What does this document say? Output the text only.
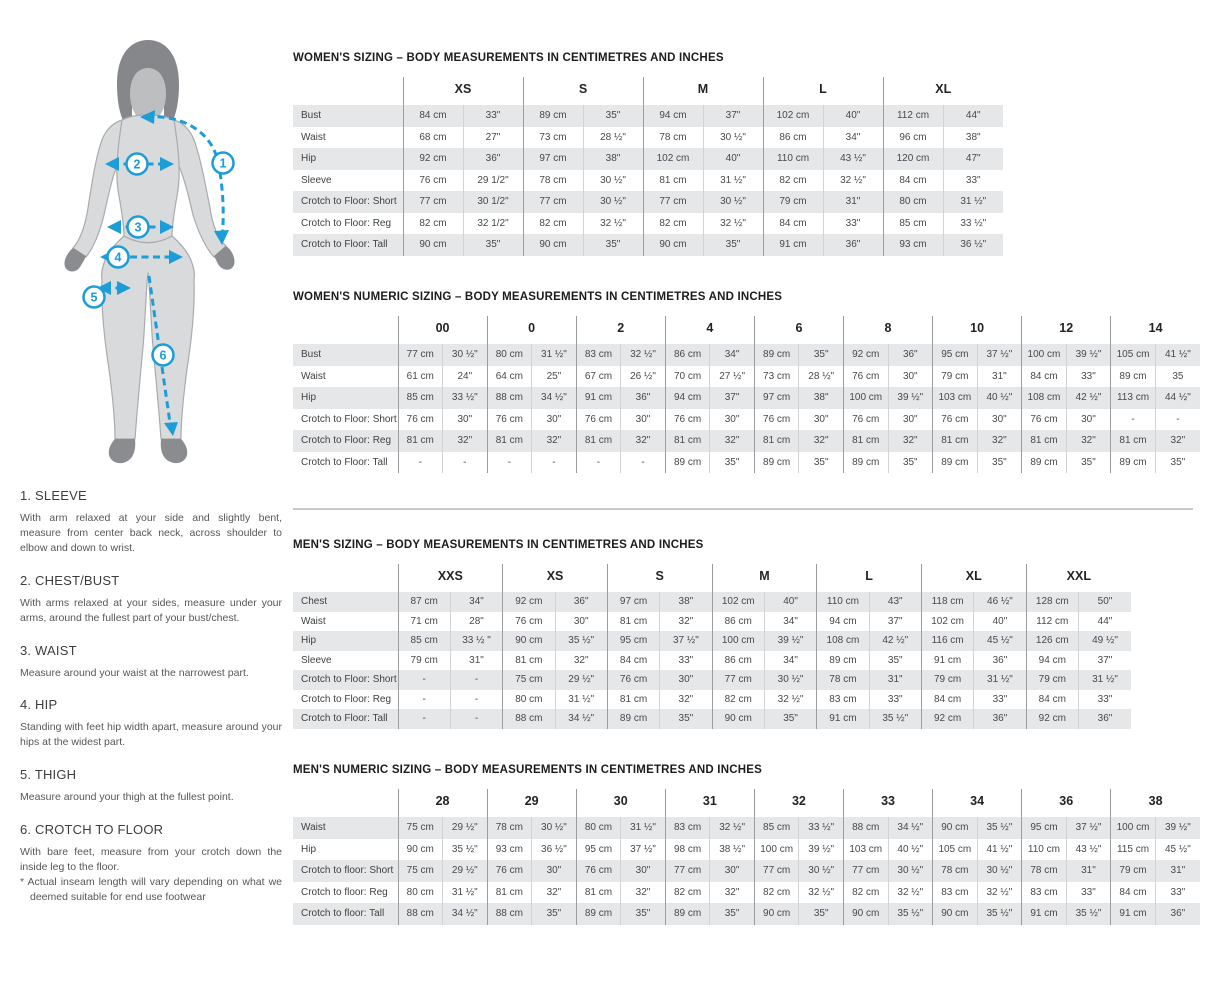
1
2
3
4
5
6
1. SLEEVE

With arm relaxed at your side and slightly bent, measure from center back neck, across shoulder to elbow and down to wrist.

2. CHEST/BUST

With arms relaxed at your sides, measure under your arms, around the fullest part of your bust/chest.

3. WAIST

Measure around your waist at the narrowest part.

4. HIP

Standing with feet hip width apart, measure around your hips at the widest part.

5. THIGH

Measure around your thigh at the fullest point.

6. CROTCH TO FLOOR

With bare feet, measure from your crotch down the inside leg to the floor.

* Actual inseam length will vary depending on what we deemed suitable for end use footwear

WOMEN'S SIZING – BODY MEASUREMENTS IN CENTIMETRES AND INCHES
	XS		S		M		L		XL	
Bust	84 cm	33"	89 cm	35"	94 cm	37"	102 cm	40"	112 cm	44"
Waist	68 cm	27"	73 cm	28 ½"	78 cm	30 ½"	86 cm	34"	96 cm	38"
Hip	92 cm	36"	97 cm	38"	102 cm	40"	110 cm	43 ½"	120 cm	47"
Sleeve	76 cm	29 1/2"	78 cm	30 ½"	81 cm	31 ½"	82 cm	32 ½"	84 cm	33"
Crotch to Floor: Short	77 cm	30 1/2"	77 cm	30 ½"	77 cm	30 ½"	79 cm	31"	80 cm	31 ½"
Crotch to Floor: Reg	82 cm	32 1/2"	82 cm	32 ½"	82 cm	32 ½"	84 cm	33"	85 cm	33 ½"
Crotch to Floor: Tall	90 cm	35"	90 cm	35"	90 cm	35"	91 cm	36"	93 cm	36 ½"
WOMEN'S NUMERIC SIZING – BODY MEASUREMENTS IN CENTIMETRES AND INCHES
	00		0		2		4		6		8		10		12		14	
Bust	77 cm	30 ½"	80 cm	31 ½"	83 cm	32 ½"	86 cm	34"	89 cm	35"	92 cm	36"	95 cm	37 ½"	100 cm	39 ½"	105 cm	41 ½"
Waist	61 cm	24"	64 cm	25"	67 cm	26 ½"	70 cm	27 ½"	73 cm	28 ½"	76 cm	30"	79 cm	31"	84 cm	33"	89 cm	35
Hip	85 cm	33 ½"	88 cm	34 ½"	91 cm	36"	94 cm	37"	97 cm	38"	100 cm	39 ½"	103 cm	40 ½"	108 cm	42 ½"	113 cm	44 ½"
Crotch to Floor: Short	76 cm	30"	76 cm	30"	76 cm	30"	76 cm	30"	76 cm	30"	76 cm	30"	76 cm	30"	76 cm	30"	-	-
Crotch to Floor: Reg	81 cm	32"	81 cm	32"	81 cm	32"	81 cm	32"	81 cm	32"	81 cm	32"	81 cm	32"	81 cm	32"	81 cm	32"
Crotch to Floor: Tall	-	-	-	-	-	-	89 cm	35"	89 cm	35"	89 cm	35"	89 cm	35"	89 cm	35"	89 cm	35"
MEN'S SIZING – BODY MEASUREMENTS IN CENTIMETRES AND INCHES
	XXS		XS		S		M		L		XL		XXL	
Chest	87 cm	34"	92 cm	36"	97 cm	38"	102 cm	40"	110 cm	43"	118 cm	46 ½"	128 cm	50"
Waist	71 cm	28"	76 cm	30"	81 cm	32"	86 cm	34"	94 cm	37"	102 cm	40"	112 cm	44"
Hip	85 cm	33 ½ "	90 cm	35 ½"	95 cm	37 ½"	100 cm	39 ½"	108 cm	42 ½"	116 cm	45 ½"	126 cm	49 ½"
Sleeve	79 cm	31"	81 cm	32"	84 cm	33"	86 cm	34"	89 cm	35"	91 cm	36"	94 cm	37"
Crotch to Floor: Short	-	-	75 cm	29 ½"	76 cm	30"	77 cm	30 ½"	78 cm	31"	79 cm	31 ½"	79 cm	31 ½"
Crotch to Floor: Reg	-	-	80 cm	31 ½"	81 cm	32"	82 cm	32 ½"	83 cm	33"	84 cm	33"	84 cm	33"
Crotch to Floor: Tall	-	-	88 cm	34 ½"	89 cm	35"	90 cm	35"	91 cm	35 ½"	92 cm	36"	92 cm	36"
MEN'S NUMERIC SIZING – BODY MEASUREMENTS IN CENTIMETRES AND INCHES
	28		29		30		31		32		33		34		36		38	
Waist	75 cm	29 ½"	78 cm	30 ½"	80 cm	31 ½"	83 cm	32 ½"	85 cm	33 ½"	88 cm	34 ½"	90 cm	35 ½"	95 cm	37 ½"	100 cm	39 ½"
Hip	90 cm	35 ½"	93 cm	36 ½"	95 cm	37 ½"	98 cm	38 ½"	100 cm	39 ½"	103 cm	40 ½"	105 cm	41 ½"	110 cm	43 ½"	115 cm	45 ½"
Crotch to floor: Short	75 cm	29 ½"	76 cm	30"	76 cm	30"	77 cm	30"	77 cm	30 ½"	77 cm	30 ½"	78 cm	30 ½"	78 cm	31"	79 cm	31"
Crotch to floor: Reg	80 cm	31 ½"	81 cm	32"	81 cm	32"	82 cm	32"	82 cm	32 ½"	82 cm	32 ½"	83 cm	32 ½"	83 cm	33"	84 cm	33"
Crotch to floor: Tall	88 cm	34 ½"	88 cm	35"	89 cm	35"	89 cm	35"	90 cm	35"	90 cm	35 ½"	90 cm	35 ½"	91 cm	35 ½"	91 cm	36"
